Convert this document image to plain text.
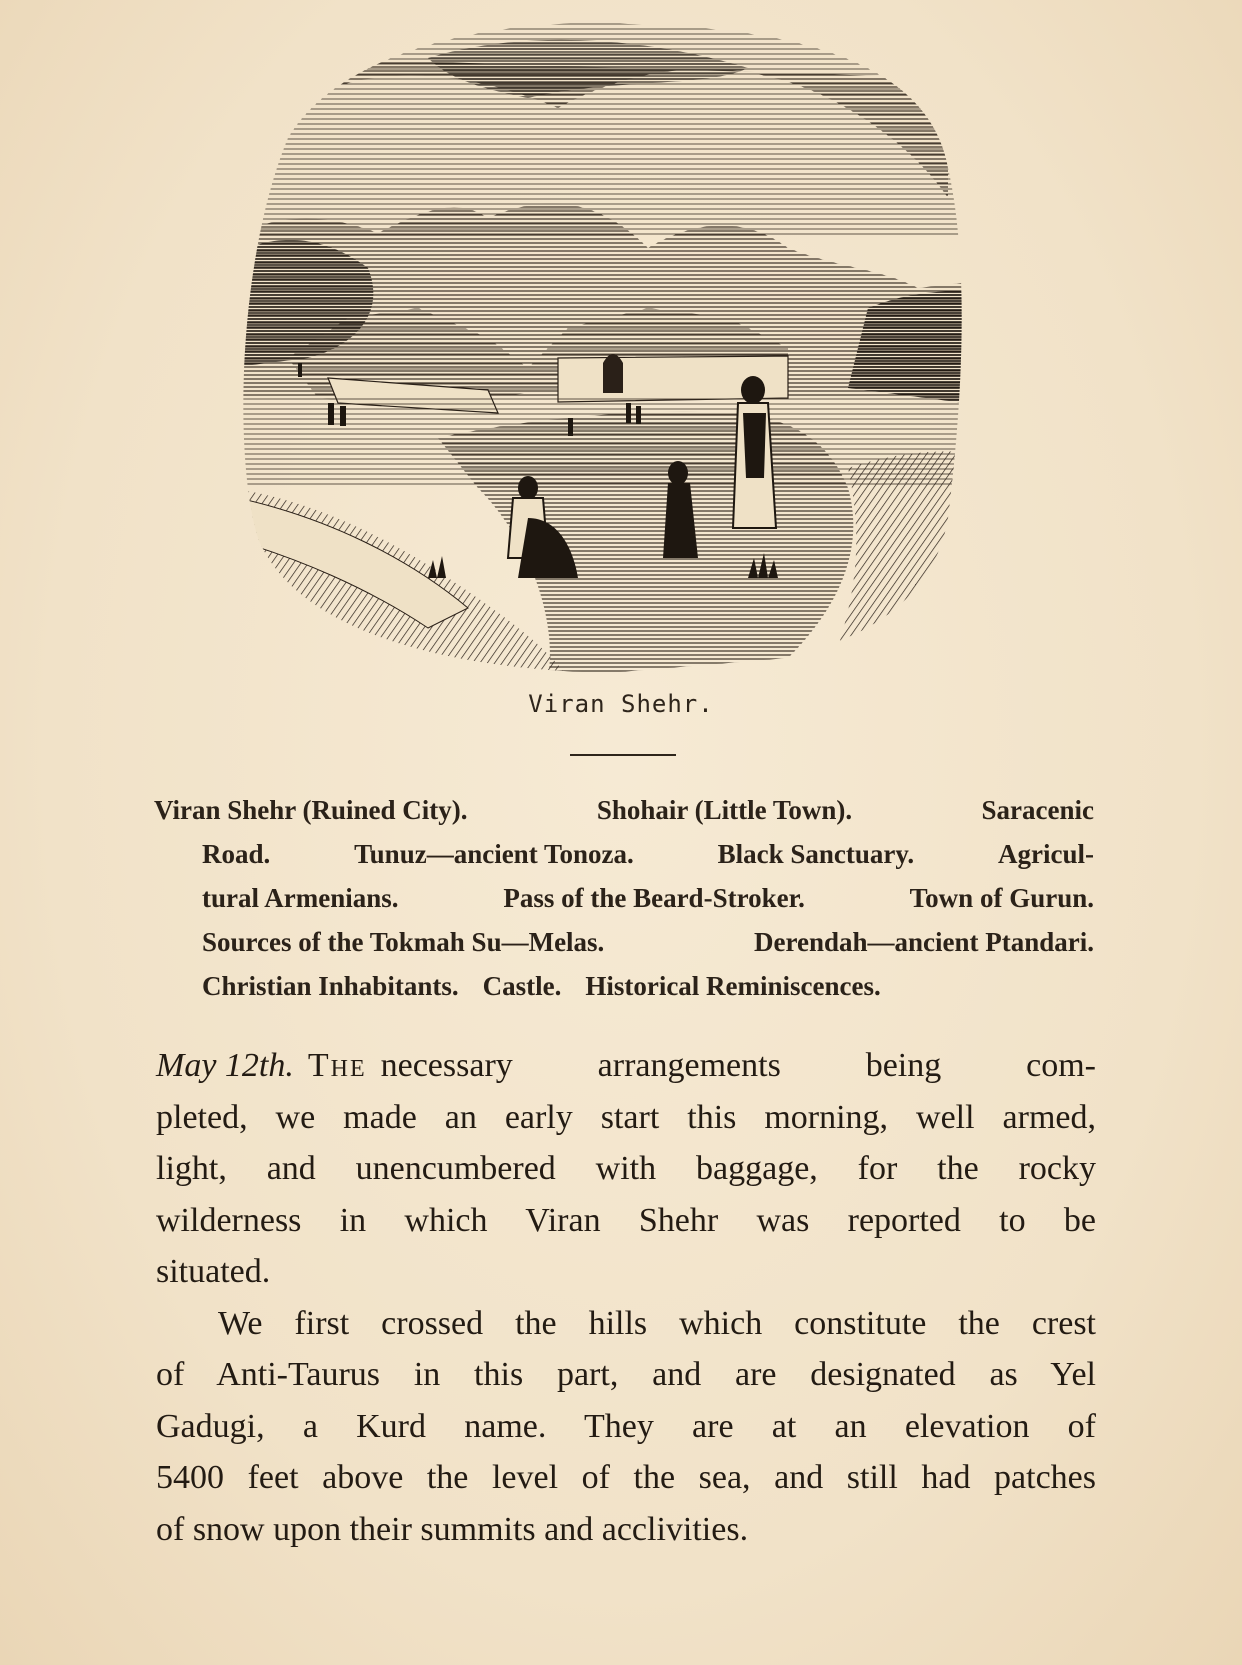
Viran Shehr.
Viran Shehr (Ruined City).	Shohair (Little Town).	Saracenic
Road.	Tunuz—ancient Tonoza.	Black Sanctuary.	Agricul-
tural Armenians.	Pass of the Beard-Stroker.	Town of Gurun.
Sources of the Tokmah Su—Melas.	Derendah—ancient Ptandari.
Christian Inhabitants. Castle. Historical Reminiscences.
May 12th. The necessary arrangements being com-
pleted, we made an early start this morning, well armed,
light, and unencumbered with baggage, for the rocky
wilderness in which Viran Shehr was reported to be
situated.
We first crossed the hills which constitute the crest
of Anti-Taurus in this part, and are designated as Yel
Gadugi, a Kurd name. They are at an elevation of
5400 feet above the level of the sea, and still had patches
of snow upon their summits and acclivities.
